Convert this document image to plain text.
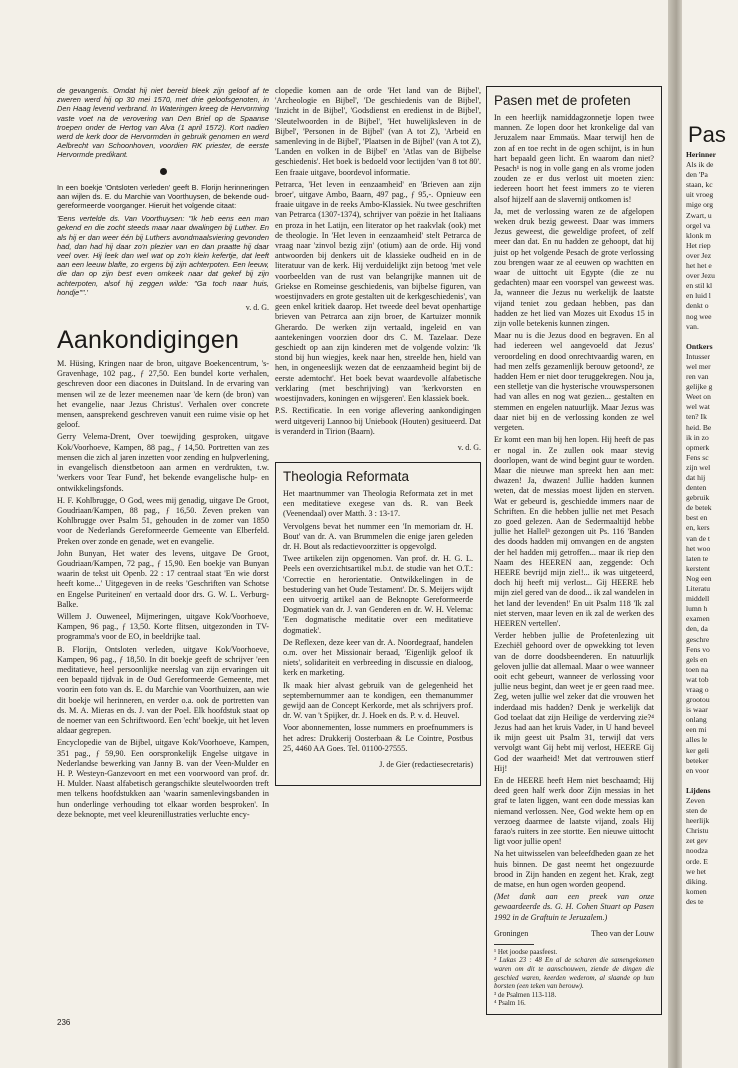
de gevangenis. Omdat hij niet bereid bleek zijn geloof af te zweren werd hij op 30 mei 1570, met drie geloofsgenoten, in Den Haag levend verbrand. In Wateringen kreeg de Hervorming vaste voet na de verovering van Den Briel op de Spaanse troepen onder de Hertog van Alva (1 april 1572). Kort nadien werd de kerk door de Hervormden in gebruik genomen en werd Aelbrecht van Schoonhoven, voordien RK priester, de eerste Hervormde predikant.

In een boekje 'Ontsloten verleden' geeft B. Florijn herinneringen aan wijlen ds. E. du Marchie van Voorthuysen, de bekende oud-gereformeerde voorganger. Hieruit het volgende citaat:

'Eens vertelde ds. Van Voorthuysen: "Ik heb eens een man gekend en die zocht steeds maar naar dwalingen bij Luther. En als hij er dan weer één bij Luthers avondmaalsviering gevonden had, dan had hij daar zo'n plezier van en dan praatte hij daar veel over. Hij leek dan wel wat op zo'n klein kefertje, dat leeft aan een leeuw blafte, zo ergens bij zijn achterpoten. Een leeuw, die dan op zijn best even omkeek naar dat gekef bij zijn achterpoten, alsof hij zeggen wilde: "Ga toch naar huis, hondje"".'

v. d. G.
Aankondigingen

M. Hüsing, Kringen naar de bron, uitgave Boekencentrum, 's-Gravenhage, 102 pag., ƒ 27,50. Een bundel korte verhalen, geschreven door een diacones in Duitsland. In de ervaring van mensen wil ze de lezer meenemen naar 'de kern (de bron) van het evangelie, naar Jezus Christus'. Verhalen over concrete mensen, aansprekend geschreven vanuit een ruime visie op het geloof.

Gerry Velema-Drent, Over toewijding gesproken, uitgave Kok/Voorhoeve, Kampen, 88 pag., ƒ 14,50. Portretten van zes mensen die zich al jaren inzetten voor zending en hulpverlening, in evangelisch dienstbetoon aan armen en verdrukten, t.w. 'werkers voor Tear Fund', het bekende evangelische hulp- en ontwikkelingsfonds.

H. F. Kohlbrugge, O God, wees mij genadig, uitgave De Groot, Goudriaan/Kampen, 88 pag., ƒ 16,50. Zeven preken van Kohlbrugge over Psalm 51, gehouden in de zomer van 1850 voor de Nederlands Gereformeerde Gemeente van Elberfeld. Preken over zonde en genade, wet en evangelie.

John Bunyan, Het water des levens, uitgave De Groot, Goudriaan/Kampen, 72 pag., ƒ 15,90. Een boekje van Bunyan waarin de tekst uit Openb. 22 : 17 centraal staat 'En wie dorst heeft kome...' Uitgegeven in de reeks 'Geschriften van Schotse en Engelse Puriteinen' en vertaald door drs. G. W. L. Verburg-Balke.

Willem J. Ouweneel, Mijmeringen, uitgave Kok/Voorhoeve, Kampen, 96 pag., ƒ 13,50. Korte flitsen, uitgezonden in TV-programma's voor de EO, in beeldrijke taal.

B. Florijn, Ontsloten verleden, uitgave Kok/Voorhoeve, Kampen, 96 pag., ƒ 18,50. In dit boekje geeft de schrijver 'een meditatieve, heel persoonlijke neerslag van zijn ervaringen uit een bepaald tijdvak in de Oud Gereformeerde Gemeente, met voorin een foto van ds. E. du Marchie van Voorthuizen, aan wie dit boekje wil herinneren, en verder o.a. ook de portretten van ds. M. A. Mieras en ds. J. van der Poel. Elk hoofdstuk staat op de noemer van een Schriftwoord. Een 'echt' boekje, uit het leven aldaar gegrepen.

Encyclopedie van de Bijbel, uitgave Kok/Voorhoeve, Kampen, 351 pag., ƒ 59,90. Een oorspronkelijk Engelse uitgave in Nederlandse bewerking van Janny B. van der Veen-Mulder en H. P. Westeyn-Ganzevoort en met een voorwoord van prof. dr. H. Mulder. Naast alfabetisch gerangschikte sleutelwoorden treft men telkens hoofdstukken aan 'waarin samenlevingsbanden in hun onderlinge verhouding tot elkaar worden besproken'. In deze beknopte, met veel kleurenillustraties verluchte ency-

clopedie komen aan de orde 'Het land van de Bijbel', 'Archeologie en Bijbel', 'De geschiedenis van de Bijbel', 'Inzicht in de Bijbel', 'Godsdienst en eredienst in de Bijbel', 'Sleutelwoorden in de Bijbel', 'Het huwelijksleven in de Bijbel', 'Personen in de Bijbel' (van A tot Z), 'Arbeid en samenleving in de Bijbel', 'Plaatsen in de Bijbel' (van A tot Z), 'Landen en volken in de Bijbel' en 'Atlas van de Bijbelse geschiedenis'. Het boek is bedoeld voor lectijden 'van 8 tot 80'. Een fraaie uitgave, boordevol informatie.

Petrarca, 'Het leven in eenzaamheid' en 'Brieven aan zijn broer', uitgave Ambo, Baarn, 497 pag., ƒ 95,-. Opnieuw een fraaie uitgave in de reeks Ambo-Klassiek. Nu twee geschriften van Petrarca (1307-1374), schrijver van poëzie in het Italiaans en proza in het Latijn, een literator op het raakvlak (ook) met de theologie. In 'Het leven in eenzaamheid' stelt Petrarca de vraag naar 'zinvol bezig zijn' (otium) aan de orde. Hij vond antwoorden bij denkers uit de klassieke oudheid en in de literatuur van de kerk. Hij verduidelijkt zijn betoog 'met vele voorbeelden van de rust van belangrijke mannen uit de Griekse en Romeinse geschiedenis, van bijbelse figuren, van woestijnvaders en grote gestalten uit de kerkgeschiedenis', van geen enkel kritiek daarop. Het tweede deel bevat openhartige brieven van Petrarca aan zijn broer, de Kartuizer monnik Gherardo. De werken zijn vertaald, ingeleid en van aantekeningen voorzien door drs C. M. Tazelaar. Deze geschiedt op aan zijn kinderen met de volgende volzin: 'Ik stond bij hun wiegjes, keek naar hen, streelde hen, hield van hen, in ongeneeslijk wezen dat de eenzaamheid begint bij de eerste ademtocht'. Het boek bevat waardevolle alfabetische verklaring (met beschrijving) van 'kerkvorsten en woestijnvaders, koningen en wijsgeren'. Een klassiek boek.

P.S. Rectificatie. In een vorige aflevering aankondigingen werd uitgeverij Lannoo bij Uniebook (Houten) gesitueerd. Dat is veranderd in Tirion (Baarn).

v. d. G.
Theologia Reformata

Het maartnummer van Theologia Reformata zet in met een meditatieve exegese van ds. R. van Beek (Veenendaal) over Matth. 3 : 13-17.

Vervolgens bevat het nummer een 'In memoriam dr. H. Bout' van dr. A. van Brummelen die enige jaren geleden dr. H. Bout als redactievoorzitter is opgevolgd.

Twee artikelen zijn opgenomen. Van prof. dr. H. G. L. Peels een overzichtsartikel m.b.t. de studie van het O.T.: 'Correctie en herorientatie. Ontwikkelingen in de bestudering van het Oude Testament'. Dr. S. Meijers wijdt een uitvoerig artikel aan de Beknopte Gereformeerde Dogmatiek van dr. J. van Genderen en dr. W. H. Velema: 'Een dogmatische meditatie over een meditatieve dogmatiek'.

De Reflexen, deze keer van dr. A. Noordegraaf, handelen o.m. over het Missionair beraad, 'Eigenlijk geloof ik niets', solidariteit en verbreeding in discussie en dialoog, kerk en marketing.

Ik maak hier alvast gebruik van de gelegenheid het septembernummer aan te kondigen, een themanummer gewijd aan de Concept Kerkorde, met als schrijvers prof. dr. W. van 't Spijker, dr. J. Hoek en ds. P. v. d. Heuvel.

Voor abonnementen, losse nummers en proefnummers is het adres: Drukkerij Oosterbaan & Le Cointre, Postbus 25, 4460 AA Goes. Tel. 01100-27555.

J. de Gier (redactiesecretaris)
Pasen met de profeten

In een heerlijk namiddagzonnetje lopen twee mannen. Ze lopen door het kronkelige dal van Jeruzalem naar Emmaüs. Maar terwijl hen de zon af en toe recht in de ogen schijnt, is in hun hart bepaald geen licht. En waarom dan niet? Pesach¹ is nog in volle gang en als vrome joden zouden ze er dus verlost uit moeten zien: iedereen hoort het feest immers zo te vieren alsof hijzelf aan de slavernij ontkomen is!

Ja, met de verlossing waren ze de afgelopen weken druk bezig geweest. Daar was immers Jezus geweest, die geweldige profeet, of zelf meer dan dat. En nu hadden ze gehoopt, dat hij juist op het volgende Pesach de grote verlossing zou brengen waar ze al eeuwen op wachtten en waar de uittocht uit Egypte (die ze nu gedachten) maar een voorspel van geweest was. Ja, wanneer die Jezus nu werkelijk de laatste vijand teniet zou gedaan hebben, pas dan hadden ze het lied van Mozes uit Exodus 15 in zijn volle betekenis kunnen zingen.

Maar nu is die Jezus dood en begraven. En al had iedereen wel aangevoeld dat Jezus' veroordeling en dood onrechtvaardig waren, en had men zelfs gezamenlijk berouw getoond², ze hadden Hem er niet door teruggekregen. Nou ja, een stelletje van die hysterische vrouwspersonen had van alles en nog wat gezien... gestalten en stemmen en engelen natuurlijk. Maar Jezus was daar niet bij en de verlossing konden ze wel vergeten.

Er komt een man bij hen lopen. Hij heeft de pas er nogal in. Ze zullen ook maar stevig doorlopen, want de wind begint guur te worden. Maar die nieuwe man spreekt hen aan met: dwazen! Ja, dwazen! Jullie hadden kunnen weten, dat de messias moest lijden en sterven. Wat er gebeurd is, geschiedde immers naar de Schriften. En die hebben jullie net met Pesach zo goed gelezen. Aan de Sedermaaltijd hebbe jullie het Hallel³ gezongen uit Ps. 116 'Banden des doods hadden mij omvangen en de angsten der hel hadden mij getroffen... maar ik riep den Naam des HEEREN aan, zeggende: Och HEERE bevrijd mijn ziel!... ik was uitgeteerd, doch hij heeft mij verlost... Gij HEERE heb mijn ziel gered van de dood... ik zal wandelen in het land der levenden!' En uit Psalm 118 'Ik zal niet sterven, maar leven en ik zal de werken des HEEREN vertellen'.

Verder hebben jullie de Profetenlezing uit Ezechiël gehoord over de opwekking tot leven van de dorre doodsbeenderen. En natuurlijk geloven jullie dat allemaal. Maar o wee wanneer ooit echt gebeurt, wanneer de verlossing voor jullie neus begint, dan weet je er geen raad mee. Zeg, weten jullie wel zeker dat die vrouwen het inderdaad mis hadden? Denk je werkelijk dat God toelaat dat zijn Heilige de verderving zie?⁴ Jezus had aan het kruis Vader, in U hand beveel ik mijn geest uit Psalm 31, terwijl dat vers vervolgt want Gij hebt mij verlost, HEERE Gij God der waarheid! Met dat vertrouwen stierf Hij!

En de HEERE heeft Hem niet beschaamd; Hij deed geen half werk door Zijn messias in het graf te laten liggen, want een dode messias kan niemand verlossen. Nee, God wekte hem op en verzoeg daarmee de laatste vijand, zoals Hij farao's ruiters in zee stortte. Een nieuwe uittocht ligt voor jullie open!

Na het uitwisselen van beleefdheden gaan ze het huis binnen. De gast neemt het ongezuurde brood in Zijn handen en zegent het. Krak, zegt de matse, en hun ogen worden geopend.

(Met dank aan een preek van onze gewaardeerde ds. G. H. Cohen Stuart op Pasen 1992 in de Graftuin te Jeruzalem.)

Groningen	Theo van der Louw

¹ Het joodse paasfeest.

² Lukas 23 : 48 En al de scharen die samengekomen waren om dit te aanschouwen, ziende de dingen die geschied waren, keerden wederom, al slaande op hun borsten (een teken van berouw).

³ de Psalmen 113-118.

⁴ Psalm 16.

236
Pas
Herinner
Als ik de
den 'Pa
staan, kc
uit vroeg
mige org
Zwart, u
orgel va
klonk m
Het riep
over Jez
het het e
over Jezu
en stil kl
en luid l
denkt o
nog wee
van.

Ontkers
Intusser
wel mer
ren van
gelijke g
Weet on
wel wat
ten? Ik
heid. Be
ik in zo
opmerk
Fens sc
zijn wel
dat hij
denten
gebruik
de betek
best en
en, kers
van de t
het woo
laten te
kerstent
Nog een
Literatu
middell
lumn h
examen
den, da
geschre
Fens vo
gels en
toen na
wat tob
vraag o
grootou
is waar
onlang
een mi
alles le
ker geli
beteker
en voor

Lijdens
Zeven
sten de
heerlijk
Christu
zet gev
noodza
orde. E
we het
diking.
komen
des te
